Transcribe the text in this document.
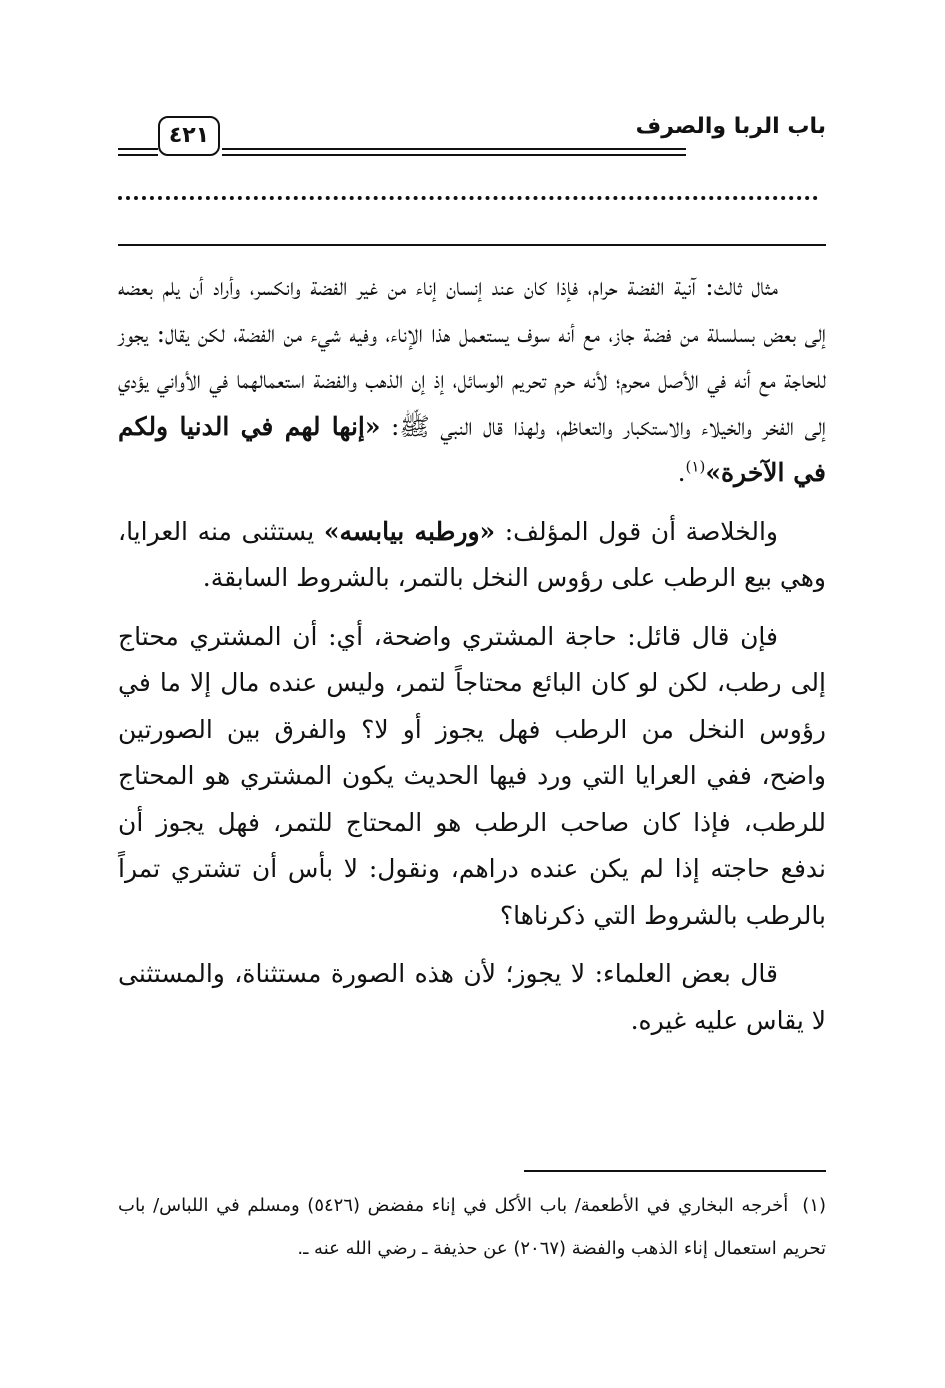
باب الربا والصرف
٤٢١

مثال ثالث: آنية الفضة حرام، فإذا كان عند إنسان إناء من غير الفضة وانكسر، وأراد أن يلم بعضه إلى بعض بسلسلة من فضة جاز، مع أنه سوف يستعمل هذا الإناء، وفيه شيء من الفضة، لكن يقال: يجوز للحاجة مع أنه في الأصل محرم؛ لأنه حرم تحريم الوسائل، إذ إن الذهب والفضة استعمالهما في الأواني يؤدي إلى الفخر والخيلاء والاستكبار والتعاظم، ولهذا قال النبي ﷺ: «إنها لهم في الدنيا ولكم في الآخرة»$^{(١)}$.

والخلاصة أن قول المؤلف: «ورطبه بيابسه» يستثنى منه العرايا، وهي بيع الرطب على رؤوس النخل بالتمر، بالشروط السابقة.

فإن قال قائل: حاجة المشتري واضحة، أي: أن المشتري محتاج إلى رطب، لكن لو كان البائع محتاجاً لتمر، وليس عنده مال إلا ما في رؤوس النخل من الرطب فهل يجوز أو لا؟ والفرق بين الصورتين واضح، ففي العرايا التي ورد فيها الحديث يكون المشتري هو المحتاج للرطب، فإذا كان صاحب الرطب هو المحتاج للتمر، فهل يجوز أن ندفع حاجته إذا لم يكن عنده دراهم، ونقول: لا بأس أن تشتري تمراً بالرطب بالشروط التي ذكرناها؟

قال بعض العلماء: لا يجوز؛ لأن هذه الصورة مستثناة، والمستثنى لا يقاس عليه غيره.

(١)أخرجه البخاري في الأطعمة/ باب الأكل في إناء مفضض (٥٤٢٦) ومسلم في اللباس/ باب تحريم استعمال إناء الذهب والفضة (٢٠٦٧) عن حذيفة ـ رضي الله عنه ـ.
